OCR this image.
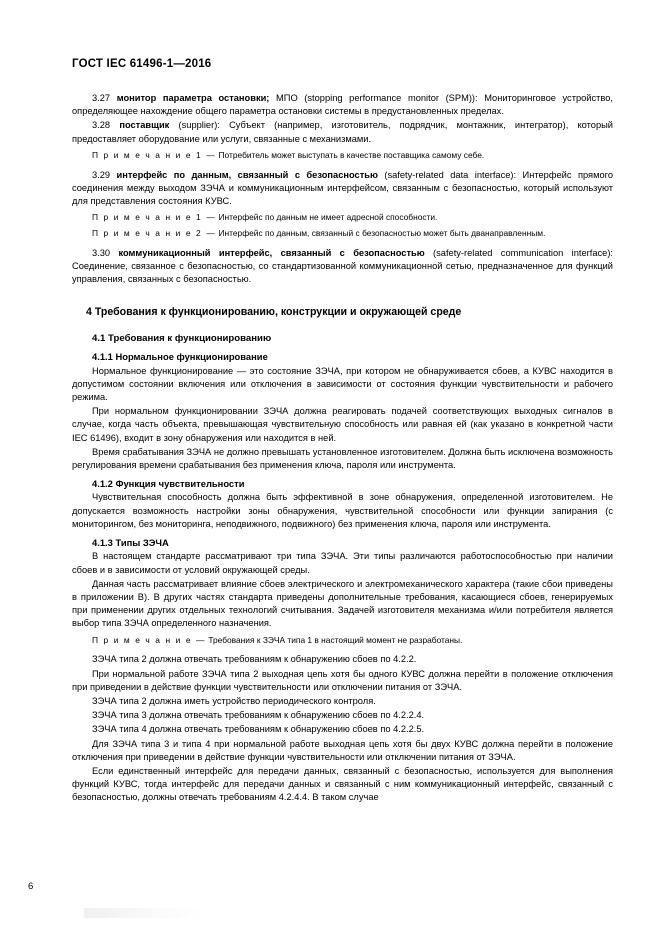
ГОСТ IEC 61496-1—2016

3.27 монитор параметра остановки; МПО (stopping performance monitor (SPM)): Мониторинговое устройство, определяющее нахождение общего параметра остановки системы в предустановленных пределах.

3.28 поставщик (supplier): Субъект (например, изготовитель, подрядчик, монтажник, интегратор), который предоставляет оборудование или услуги, связанные с механизмами.

П р и м е ч а н и е 1 — Потребитель может выступать в качестве поставщика самому себе.

3.29 интерфейс по данным, связанный с безопасностью (safety-related data interface): Интерфейс прямого соединения между выходом ЗЭЧА и коммуникационным интерфейсом, связанным с безопасностью, который используют для представления состояния КУВС.

П р и м е ч а н и е 1 — Интерфейс по данным не имеет адресной способности.

П р и м е ч а н и е 2 — Интерфейс по данным, связанный с безопасностью может быть дванаправленным.

3.30 коммуникационный интерфейс, связанный с безопасностью (safety-related communication interface): Соединение, связанное с безопасностью, со стандартизованной коммуникационной сетью, предназначенное для функций управления, связанных с безопасностью.

4 Требования к функционированию, конструкции и окружающей среде
4.1 Требования к функционированию
4.1.1 Нормальное функционирование

Нормальное функционирование — это состояние ЗЭЧА, при котором не обнаруживается сбоев, а КУВС находится в допустимом состоянии включения или отключения в зависимости от состояния функции чувствительности и рабочего режима.

При нормальном функционировании ЗЭЧА должна реагировать подачей соответствующих выходных сигналов в случае, когда часть объекта, превышающая чувствительную способность или равная ей (как указано в конкретной части IEC 61496), входит в зону обнаружения или находится в ней.

Время срабатывания ЗЭЧА не должно превышать установленное изготовителем. Должна быть исключена возможность регулирования времени срабатывания без применения ключа, пароля или инструмента.

4.1.2 Функция чувствительности

Чувствительная способность должна быть эффективной в зоне обнаружения, определенной изготовителем. Не допускается возможность настройки зоны обнаружения, чувствительной способности или функции запирания (с мониторингом, без мониторинга, неподвижного, подвижного) без применения ключа, пароля или инструмента.

4.1.3 Типы ЗЭЧА

В настоящем стандарте рассматривают три типа ЗЭЧА. Эти типы различаются работоспособностью при наличии сбоев и в зависимости от условий окружающей среды.

Данная часть рассматривает влияние сбоев электрического и электромеханического характера (такие сбои приведены в приложении В). В других частях стандарта приведены дополнительные требования, касающиеся сбоев, генерируемых при применении других отдельных технологий считывания. Задачей изготовителя механизма и/или потребителя является выбор типа ЗЭЧА определенного назначения.

П р и м е ч а н и е — Требования к ЗЭЧА типа 1 в настоящий момент не разработаны.

ЗЭЧА типа 2 должна отвечать требованиям к обнаружению сбоев по 4.2.2.

При нормальной работе ЗЭЧА типа 2 выходная цепь хотя бы одного КУВС должна перейти в положение отключения при приведении в действие функции чувствительности или отключении питания от ЗЭЧА.

ЗЭЧА типа 2 должна иметь устройство периодического контроля.

ЗЭЧА типа 3 должна отвечать требованиям к обнаружению сбоев по 4.2.2.4.

ЗЭЧА типа 4 должна отвечать требованиям к обнаружению сбоев по 4.2.2.5.

Для ЗЭЧА типа 3 и типа 4 при нормальной работе выходная цепь хотя бы двух КУВС должна перейти в положение отключения при приведении в действие функции чувствительности или отключении питания от ЗЭЧА.

Если единственный интерфейс для передачи данных, связанный с безопасностью, используется для выполнения функций КУВС, тогда интерфейс для передачи данных и связанный с ним коммуникационный интерфейс, связанный с безопасностью, должны отвечать требованиям 4.2.4.4. В таком случае

6
